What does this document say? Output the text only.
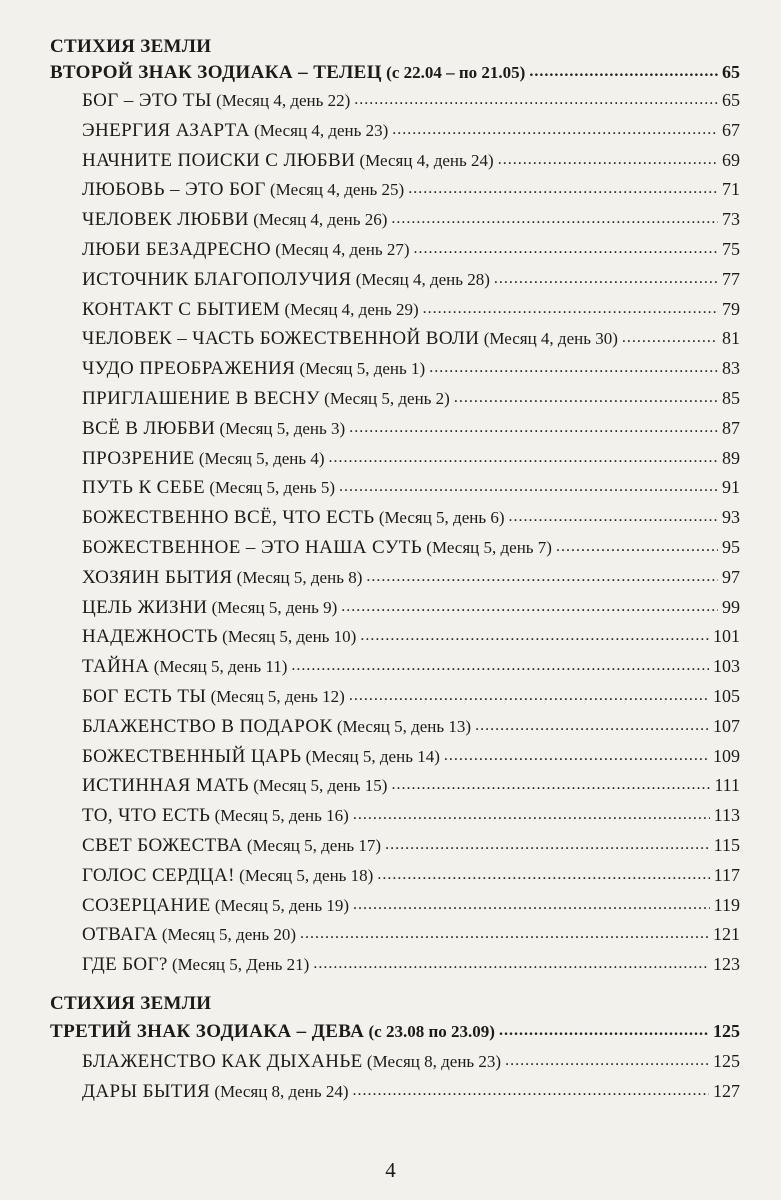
СТИХИЯ ЗЕМЛИ
ВТОРОЙ ЗНАК ЗОДИАКА – ТЕЛЕЦ (с 22.04 – по 21.05) .....	65
БОГ – ЭТО ТЫ (Месяц 4, день 22) .....	65
ЭНЕРГИЯ АЗАРТА (Месяц 4, день 23) .....	67
НАЧНИТЕ ПОИСКИ С ЛЮБВИ (Месяц 4, день 24) .....	69
ЛЮБОВЬ – ЭТО БОГ (Месяц 4, день 25) .....	71
ЧЕЛОВЕК ЛЮБВИ (Месяц 4, день 26) .....	73
ЛЮБИ БЕЗАДРЕСНО (Месяц 4, день 27) .....	75
ИСТОЧНИК БЛАГОПОЛУЧИЯ (Месяц 4, день 28) .....	77
КОНТАКТ С БЫТИЕМ (Месяц 4, день 29) .....	79
ЧЕЛОВЕК – ЧАСТЬ БОЖЕСТВЕННОЙ ВОЛИ (Месяц 4, день 30) .....	81
ЧУДО ПРЕОБРАЖЕНИЯ (Месяц 5, день 1) .....	83
ПРИГЛАШЕНИЕ В ВЕСНУ (Месяц 5, день 2) .....	85
ВСЁ В ЛЮБВИ (Месяц 5, день 3) .....	87
ПРОЗРЕНИЕ (Месяц 5, день 4) .....	89
ПУТЬ К СЕБЕ (Месяц 5, день 5) .....	91
БОЖЕСТВЕННО ВСЁ, ЧТО ЕСТЬ (Месяц 5, день 6) .....	93
БОЖЕСТВЕННОЕ – ЭТО НАША СУТЬ (Месяц 5, день 7) .....	95
ХОЗЯИН БЫТИЯ (Месяц 5, день 8) .....	97
ЦЕЛЬ ЖИЗНИ (Месяц 5, день 9) .....	99
НАДЕЖНОСТЬ (Месяц 5, день 10) .....	101
ТАЙНА (Месяц 5, день 11) .....	103
БОГ ЕСТЬ ТЫ (Месяц 5, день 12) .....	105
БЛАЖЕНСТВО В ПОДАРОК (Месяц 5, день 13) .....	107
БОЖЕСТВЕННЫЙ ЦАРЬ (Месяц 5, день 14) .....	109
ИСТИННАЯ МАТЬ (Месяц 5, день 15) .....	111
ТО, ЧТО ЕСТЬ (Месяц 5, день 16) .....	113
СВЕТ БОЖЕСТВА (Месяц 5, день 17) .....	115
ГОЛОС СЕРДЦА! (Месяц 5, день 18) .....	117
СОЗЕРЦАНИЕ (Месяц 5, день 19) .....	119
ОТВАГА (Месяц 5, день 20) .....	121
ГДЕ БОГ? (Месяц 5, День 21) .....	123
СТИХИЯ ЗЕМЛИ
ТРЕТИЙ ЗНАК ЗОДИАКА – ДЕВА (с 23.08 по 23.09) .....	125
БЛАЖЕНСТВО КАК ДЫХАНЬЕ (Месяц 8, день 23) .....	125
ДАРЫ БЫТИЯ (Месяц 8, день 24) .....	127
4
